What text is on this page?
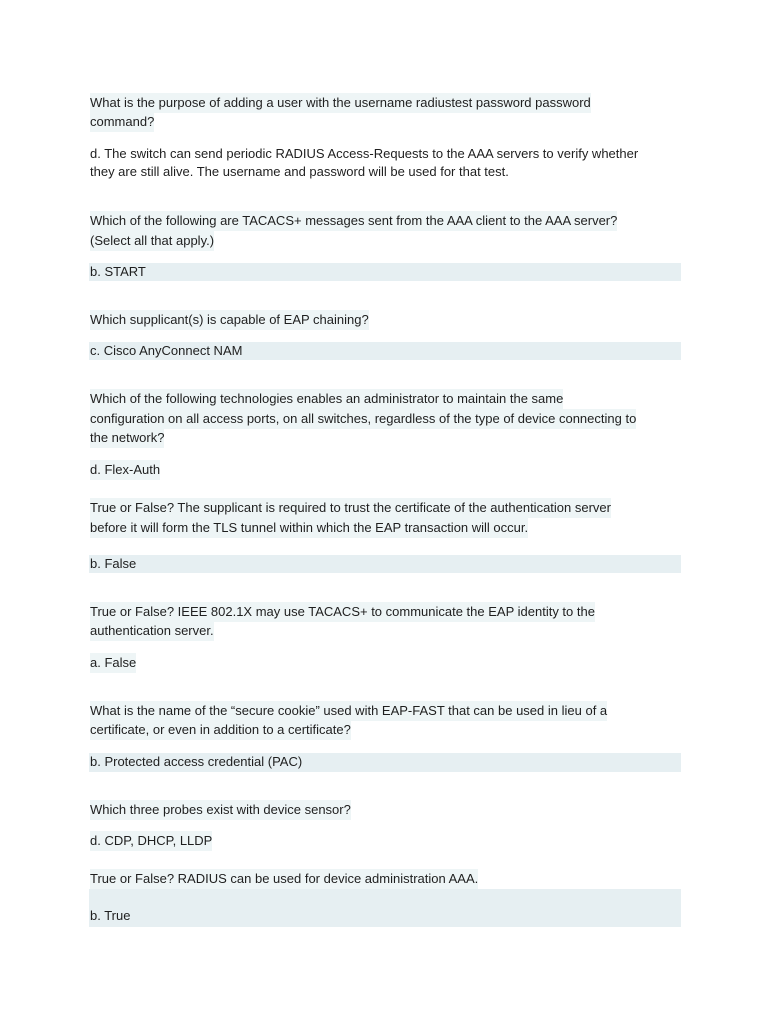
What is the purpose of adding a user with the username radiustest password password
command?
d. The switch can send periodic RADIUS Access-Requests to the AAA servers to verify whether
they are still alive. The username and password will be used for that test.
Which of the following are TACACS+ messages sent from the AAA client to the AAA server?
(Select all that apply.)
b. START
Which supplicant(s) is capable of EAP chaining?
c. Cisco AnyConnect NAM
Which of the following technologies enables an administrator to maintain the same
configuration on all access ports, on all switches, regardless of the type of device connecting to
the network?
d. Flex-Auth
True or False? The supplicant is required to trust the certificate of the authentication server
before it will form the TLS tunnel within which the EAP transaction will occur.
b. False
True or False? IEEE 802.1X may use TACACS+ to communicate the EAP identity to the
authentication server.
a. False
What is the name of the “secure cookie” used with EAP-FAST that can be used in lieu of a
certificate, or even in addition to a certificate?
b. Protected access credential (PAC)
Which three probes exist with device sensor?
d. CDP, DHCP, LLDP
True or False? RADIUS can be used for device administration AAA.
b. True
